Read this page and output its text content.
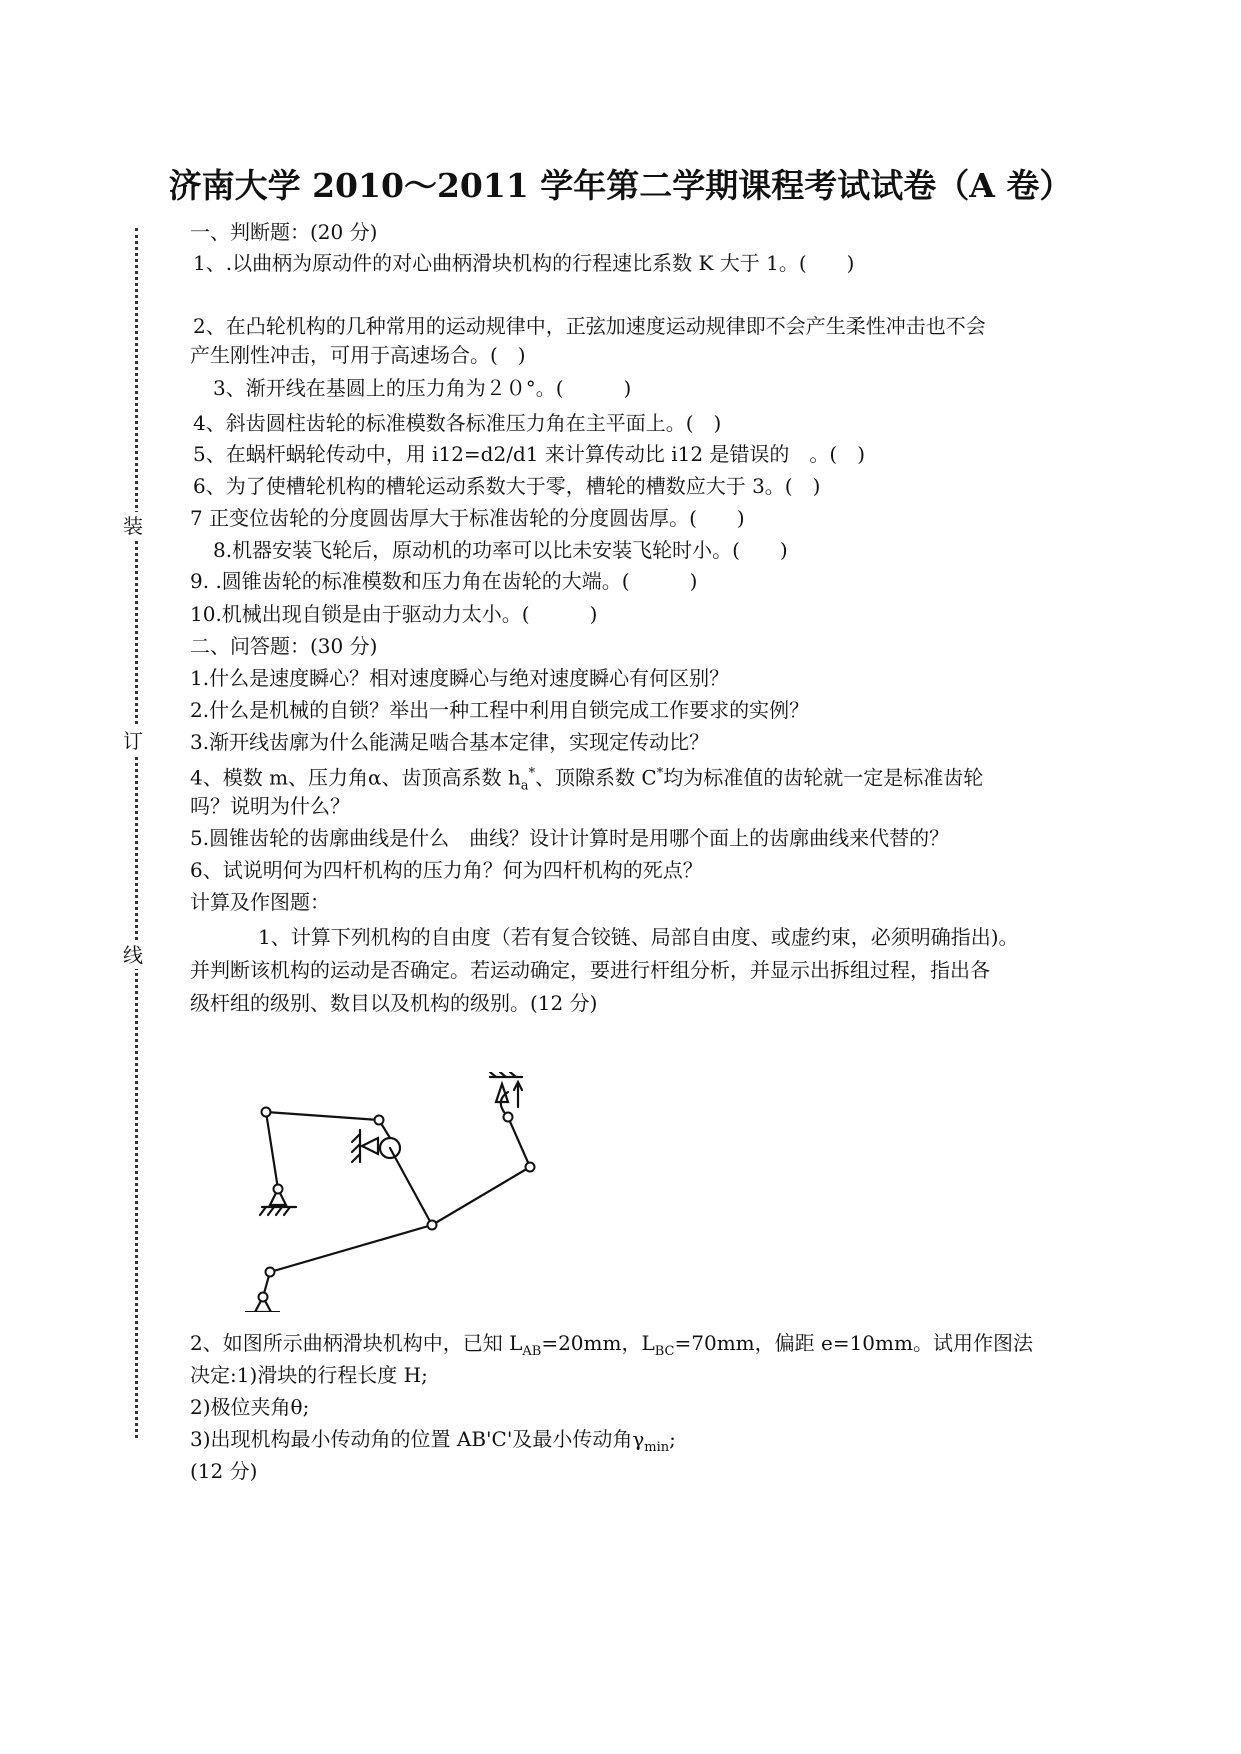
济南大学 2010～2011 学年第二学期课程考试试卷（A 卷）
装
订
线
一、判断题：(20 分)
1、.以曲柄为原动件的对心曲柄滑块机构的行程速比系数 K 大于 1。(　　)
2、在凸轮机构的几种常用的运动规律中，正弦加速度运动规律即不会产生柔性冲击也不会
产生刚性冲击，可用于高速场合。(　)
3、渐开线在基圆上的压力角为２０°。(　　　)
4、斜齿圆柱齿轮的标准模数各标准压力角在主平面上。(　)
5、在蜗杆蜗轮传动中，用 i12=d2/d1 来计算传动比 i12 是错误的　。(　)
6、为了使槽轮机构的槽轮运动系数大于零，槽轮的槽数应大于 3。(　)
7 正变位齿轮的分度圆齿厚大于标准齿轮的分度圆齿厚。(　　)
8.机器安装飞轮后，原动机的功率可以比未安装飞轮时小。(　　)
9. .圆锥齿轮的标准模数和压力角在齿轮的大端。(　　　)
10.机械出现自锁是由于驱动力太小。(　　　)
二、问答题：(30 分)
1.什么是速度瞬心？相对速度瞬心与绝对速度瞬心有何区别？
2.什么是机械的自锁？举出一种工程中利用自锁完成工作要求的实例？
3.渐开线齿廓为什么能满足啮合基本定律，实现定传动比？
4、模数 m、压力角α、齿顶高系数 $h_a^*$、顶隙系数 C*均为标准值的齿轮就一定是标准齿轮
吗？说明为什么？
5.圆锥齿轮的齿廓曲线是什么　曲线？设计计算时是用哪个面上的齿廓曲线来代替的？
6、试说明何为四杆机构的压力角？何为四杆机构的死点？
计算及作图题：
1、计算下列机构的自由度（若有复合铰链、局部自由度、或虚约束，必须明确指出)。
并判断该机构的运动是否确定。若运动确定，要进行杆组分析，并显示出拆组过程，指出各
级杆组的级别、数目以及机构的级别。(12 分)
2、如图所示曲柄滑块机构中，已知 $L_{AB}=20mm$，$L_{BC}=70mm$，偏距 e=10mm。试用作图法
决定:1)滑块的行程长度 H;
2)极位夹角θ;
3)出现机构最小传动角的位置 AB'C'及最小传动角$\gamma_{min}$;
(12 分)
